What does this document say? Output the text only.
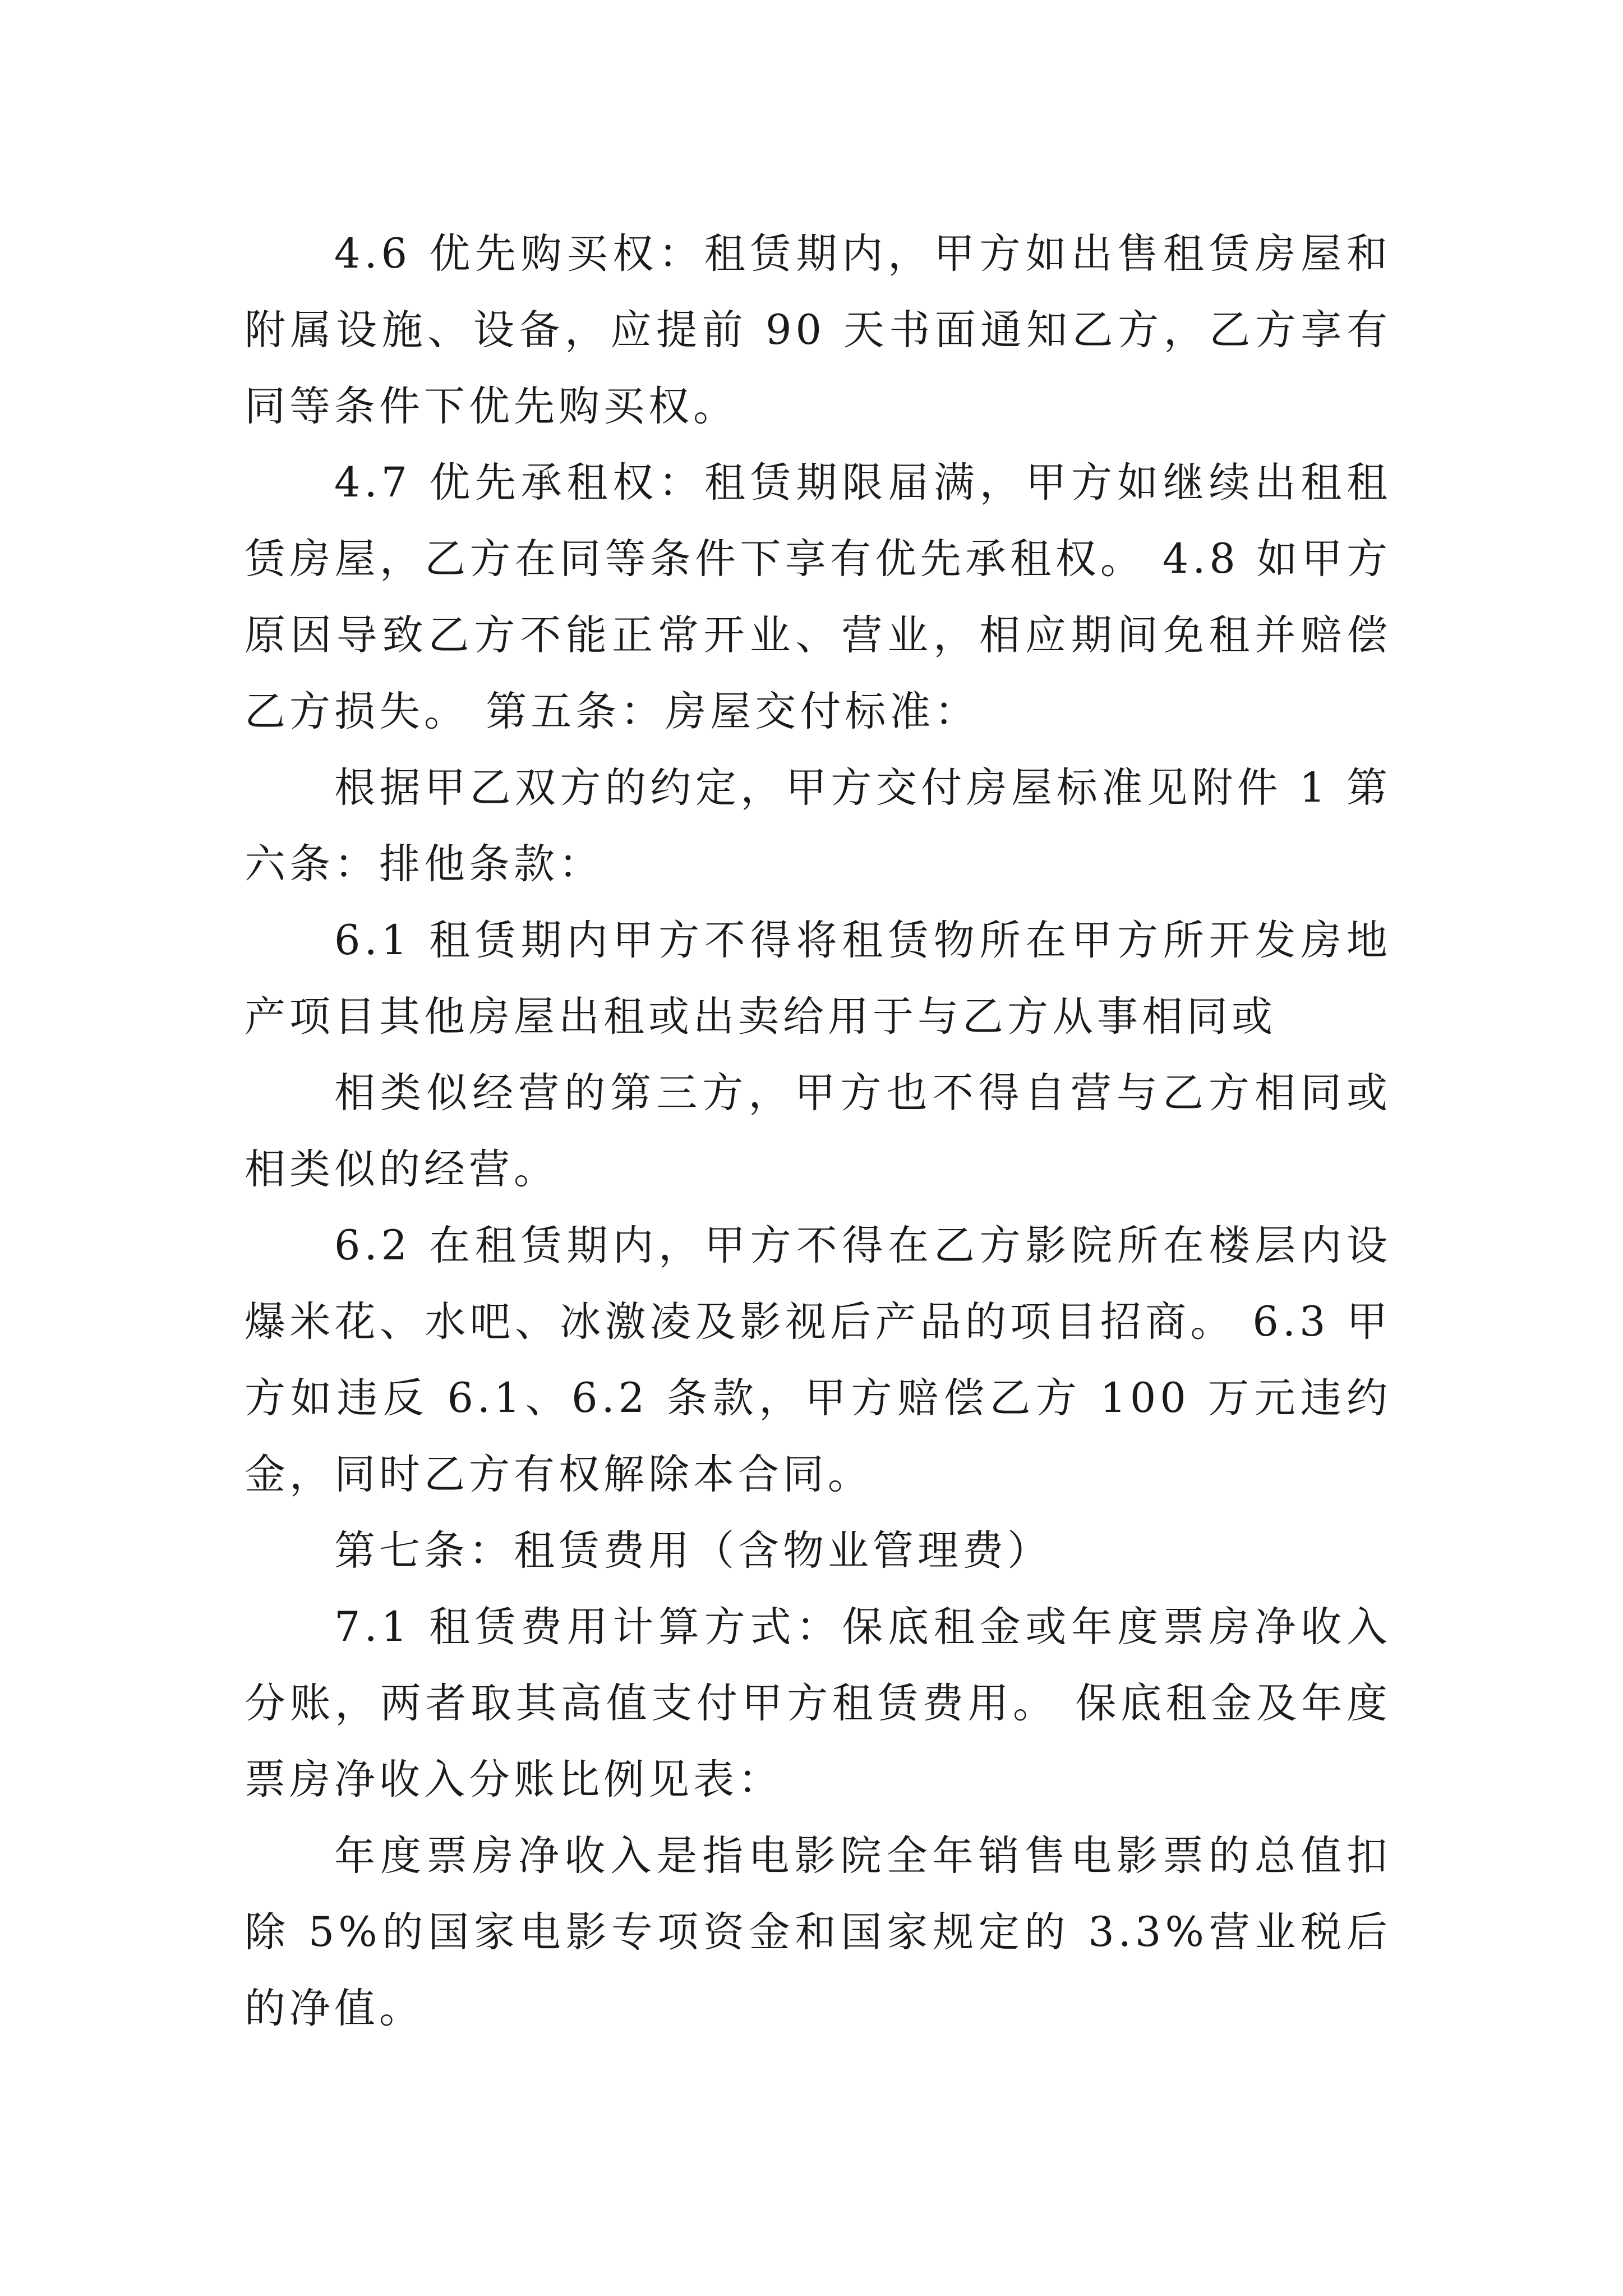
4.6 优先购买权：租赁期内，甲方如出售租赁房屋和附属设施、设备，应提前 90 天书面通知乙方，乙方享有同等条件下优先购买权。

4.7 优先承租权：租赁期限届满，甲方如继续出租租赁房屋，乙方在同等条件下享有优先承租权。 4.8 如甲方原因导致乙方不能正常开业、营业，相应期间免租并赔偿乙方损失。 第五条：房屋交付标准：

根据甲乙双方的约定，甲方交付房屋标准见附件 1 第六条：排他条款：

6.1 租赁期内甲方不得将租赁物所在甲方所开发房地产项目其他房屋出租或出卖给用于与乙方从事相同或

相类似经营的第三方，甲方也不得自营与乙方相同或相类似的经营。

6.2 在租赁期内，甲方不得在乙方影院所在楼层内设爆米花、水吧、冰激凌及影视后产品的项目招商。 6.3 甲方如违反 6.1、6.2 条款，甲方赔偿乙方 100 万元违约金，同时乙方有权解除本合同。

第七条：租赁费用（含物业管理费）

7.1 租赁费用计算方式：保底租金或年度票房净收入分账，两者取其高值支付甲方租赁费用。 保底租金及年度票房净收入分账比例见表：

年度票房净收入是指电影院全年销售电影票的总值扣除 5%的国家电影专项资金和国家规定的 3.3%营业税后的净值。
